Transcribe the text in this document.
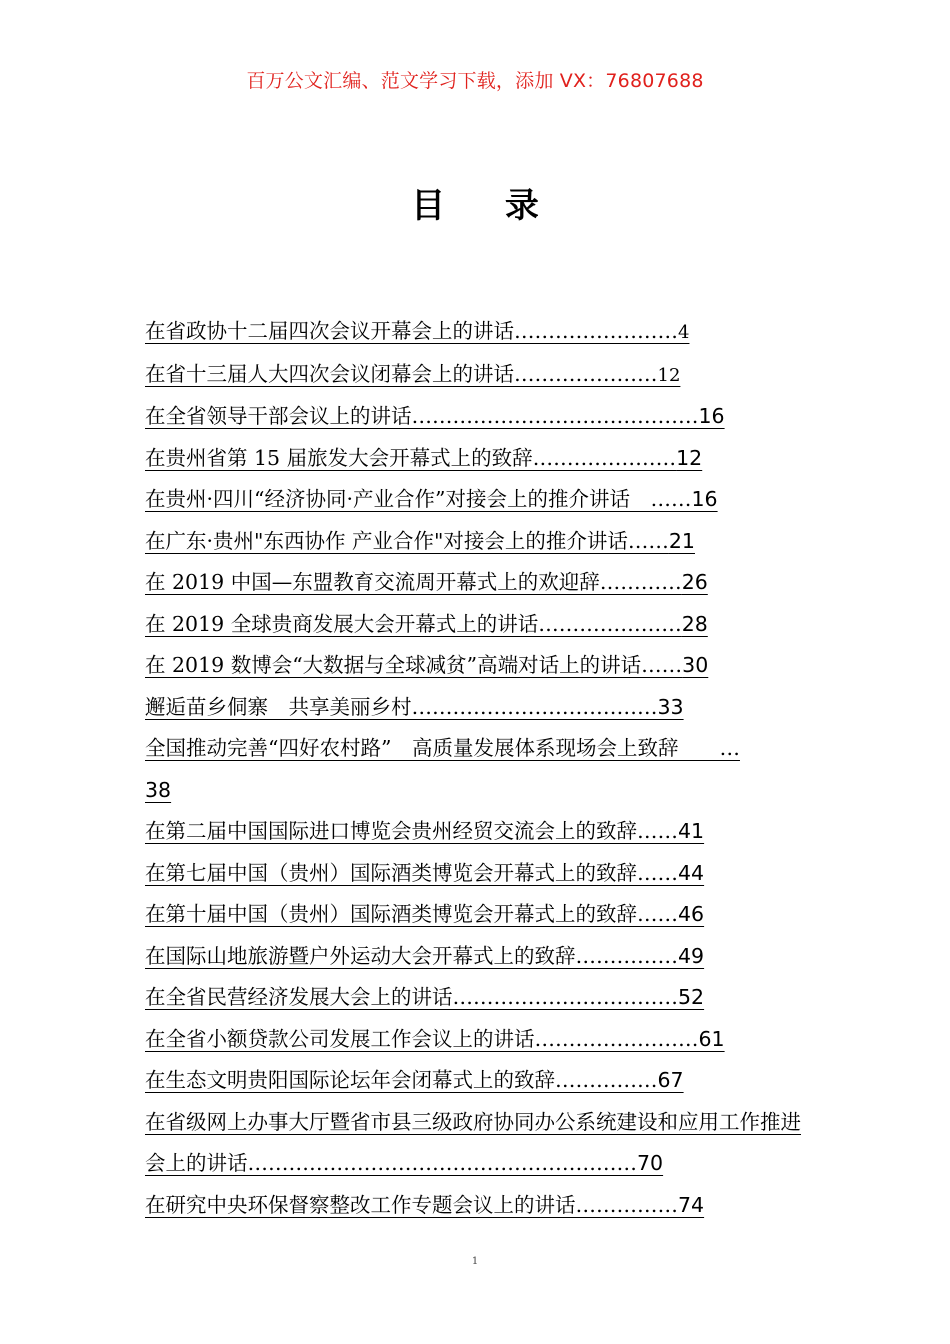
百万公文汇编、范文学习下载，添加 VX：76807688
目 录
在省政协十二届四次会议开幕会上的讲话……………………4
在省十三届人大四次会议闭幕会上的讲话…………………12
在全省领导干部会议上的讲话……………………………………16
在贵州省第 15 届旅发大会开幕式上的致辞…………………12
在贵州·四川“经济协同·产业合作”对接会上的推介讲话　……16
在广东·贵州"东西协作 产业合作"对接会上的推介讲话……21
在 2019 中国—东盟教育交流周开幕式上的欢迎辞…………26
在 2019 全球贵商发展大会开幕式上的讲话…………………28
在 2019 数博会“大数据与全球减贫”高端对话上的讲话……30
邂逅苗乡侗寨　共享美丽乡村………………………………33
全国推动完善“四好农村路”　高质量发展体系现场会上致辞　　…
38
在第二届中国国际进口博览会贵州经贸交流会上的致辞……41
在第七届中国（贵州）国际酒类博览会开幕式上的致辞……44
在第十届中国（贵州）国际酒类博览会开幕式上的致辞……46
在国际山地旅游暨户外运动大会开幕式上的致辞……………49
在全省民营经济发展大会上的讲话……………………………52
在全省小额贷款公司发展工作会议上的讲话……………………61
在生态文明贵阳国际论坛年会闭幕式上的致辞……………67
在省级网上办事大厅暨省市县三级政府协同办公系统建设和应用工作推进会上的讲话…………………………………………………70
在研究中央环保督察整改工作专题会议上的讲话……………74
1
